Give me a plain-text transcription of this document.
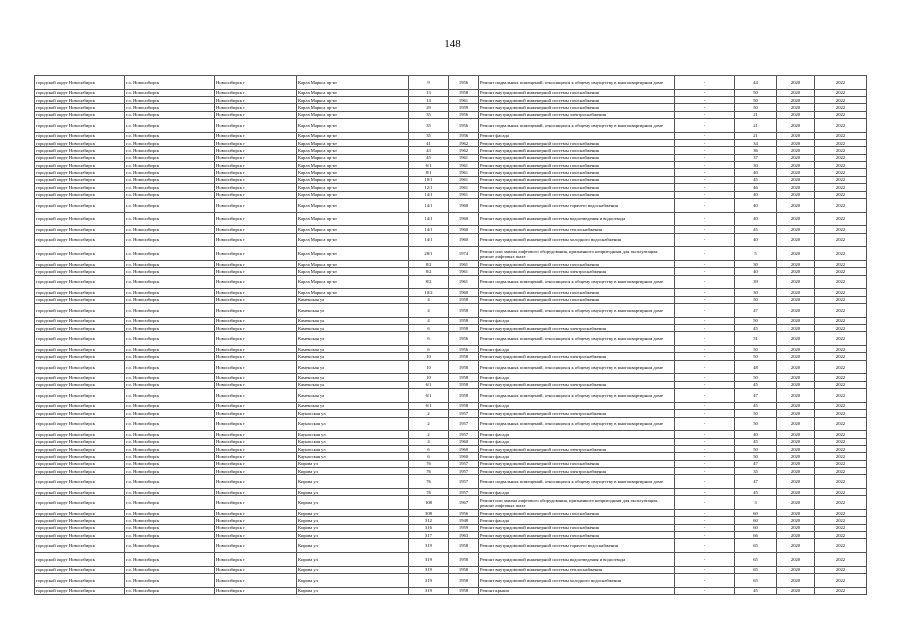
148
городской округ Новосибирск	г.о. Новосибирск	Новосибирск г	Карла Маркса пр-кт	9	1956	Ремонт подвальных помещений, относящихся к общему имуществу в многоквартирном доме	-	44	2020	2022
городской округ Новосибирск	г.о. Новосибирск	Новосибирск г	Карла Маркса пр-кт	13	1958	Ремонт внутридомовой инженерной системы газоснабжения	-	50	2020	2022
городской округ Новосибирск	г.о. Новосибирск	Новосибирск г	Карла Маркса пр-кт	14	1961	Ремонт внутридомовой инженерной системы газоснабжения	-	50	2020	2022
городской округ Новосибирск	г.о. Новосибирск	Новосибирск г	Карла Маркса пр-кт	29	1959	Ремонт внутридомовой инженерной системы газоснабжения	-	50	2020	2022
городской округ Новосибирск	г.о. Новосибирск	Новосибирск г	Карла Маркса пр-кт	35	1956	Ремонт внутридомовой инженерной системы электроснабжения	-	21	2020	2022
городской округ Новосибирск	г.о. Новосибирск	Новосибирск г	Карла Маркса пр-кт	35	1956	Ремонт подвальных помещений, относящихся к общему имуществу в многоквартирном доме	-	21	2020	2022
городской округ Новосибирск	г.о. Новосибирск	Новосибирск г	Карла Маркса пр-кт	35	1956	Ремонт фасада	-	21	2020	2022
городской округ Новосибирск	г.о. Новосибирск	Новосибирск г	Карла Маркса пр-кт	41	1962	Ремонт внутридомовой инженерной системы газоснабжения	-	34	2020	2022
городской округ Новосибирск	г.о. Новосибирск	Новосибирск г	Карла Маркса пр-кт	43	1962	Ремонт внутридомовой инженерной системы газоснабжения	-	36	2020	2022
городской округ Новосибирск	г.о. Новосибирск	Новосибирск г	Карла Маркса пр-кт	45	1961	Ремонт внутридомовой инженерной системы газоснабжения	-	37	2020	2022
городской округ Новосибирск	г.о. Новосибирск	Новосибирск г	Карла Маркса пр-кт	6/1	1961	Ремонт внутридомовой инженерной системы газоснабжения	-	30	2020	2022
городской округ Новосибирск	г.о. Новосибирск	Новосибирск г	Карла Маркса пр-кт	8/1	1961	Ремонт внутридомовой инженерной системы газоснабжения	-	40	2020	2022
городской округ Новосибирск	г.о. Новосибирск	Новосибирск г	Карла Маркса пр-кт	10/1	1961	Ремонт внутридомовой инженерной системы газоснабжения	-	45	2020	2022
городской округ Новосибирск	г.о. Новосибирск	Новосибирск г	Карла Маркса пр-кт	12/1	1961	Ремонт внутридомовой инженерной системы газоснабжения	-	46	2020	2022
городской округ Новосибирск	г.о. Новосибирск	Новосибирск г	Карла Маркса пр-кт	14/1	1961	Ремонт внутридомовой инженерной системы газоснабжения	-	40	2020	2022
городской округ Новосибирск	г.о. Новосибирск	Новосибирск г	Карла Маркса пр-кт	14/1	1960	Ремонт внутридомовой инженерной системы горячего водоснабжения	-	40	2020	2022
городской округ Новосибирск	г.о. Новосибирск	Новосибирск г	Карла Маркса пр-кт	14/1	1960	Ремонт внутридомовой инженерной системы водоотведения и водоотвода	-	40	2020	2022
городской округ Новосибирск	г.о. Новосибирск	Новосибирск г	Карла Маркса пр-кт	14/1	1960	Ремонт внутридомовой инженерной системы теплоснабжения	-	45	2020	2022
городской округ Новосибирск	г.о. Новосибирск	Новосибирск г	Карла Маркса пр-кт	14/1	1960	Ремонт внутридомовой инженерной системы холодного водоснабжения	-	40	2020	2022
городской округ Новосибирск	г.о. Новосибирск	Новосибирск г	Карла Маркса пр-кт	28/1	1974	Ремонт или замена лифтового оборудования, признанного непригодным для эксплуатации, ремонт лифтовых шахт	-	5	2020	2022
городской округ Новосибирск	г.о. Новосибирск	Новосибирск г	Карла Маркса пр-кт	8/2	1961	Ремонт внутридомовой инженерной системы газоснабжения	-	30	2020	2022
городской округ Новосибирск	г.о. Новосибирск	Новосибирск г	Карла Маркса пр-кт	8/2	1961	Ремонт внутридомовой инженерной системы электроснабжения	-	40	2020	2022
городской округ Новосибирск	г.о. Новосибирск	Новосибирск г	Карла Маркса пр-кт	8/2	1961	Ремонт подвальных помещений, относящихся к общему имуществу в многоквартирном доме	-	39	2020	2022
городской округ Новосибирск	г.о. Новосибирск	Новосибирск г	Карла Маркса пр-кт	10/2	1960	Ремонт внутридомовой инженерной системы газоснабжения	-	30	2020	2022
городской округ Новосибирск	г.о. Новосибирск	Новосибирск г	Каменская ул	4	1958	Ремонт внутридомовой инженерной системы газоснабжения	-	50	2020	2022
городской округ Новосибирск	г.о. Новосибирск	Новосибирск г	Каменская ул	4	1958	Ремонт подвальных помещений, относящихся к общему имуществу в многоквартирном доме	-	47	2020	2022
городской округ Новосибирск	г.о. Новосибирск	Новосибирск г	Каменская ул	4	1958	Ремонт фасада	-	50	2020	2022
городской округ Новосибирск	г.о. Новосибирск	Новосибирск г	Каменская ул	6	1958	Ремонт внутридомовой инженерной системы электроснабжения	-	45	2020	2022
городской округ Новосибирск	г.о. Новосибирск	Новосибирск г	Каменская ул	6	1956	Ремонт подвальных помещений, относящихся к общему имуществу в многоквартирном доме	-	51	2020	2022
городской округ Новосибирск	г.о. Новосибирск	Новосибирск г	Каменская ул	6	1956	Ремонт фасада	-	50	2020	2022
городской округ Новосибирск	г.о. Новосибирск	Новосибирск г	Каменская ул	10	1958	Ремонт внутридомовой инженерной системы электроснабжения	-	50	2020	2022
городской округ Новосибирск	г.о. Новосибирск	Новосибирск г	Каменская ул	10	1958	Ремонт подвальных помещений, относящихся к общему имуществу в многоквартирном доме	-	48	2020	2022
городской округ Новосибирск	г.о. Новосибирск	Новосибирск г	Каменская ул	10	1958	Ремонт фасада	-	50	2020	2022
городской округ Новосибирск	г.о. Новосибирск	Новосибирск г	Каменская ул	6/1	1958	Ремонт внутридомовой инженерной системы электроснабжения	-	45	2020	2022
городской округ Новосибирск	г.о. Новосибирск	Новосибирск г	Каменская ул	6/1	1958	Ремонт подвальных помещений, относящихся к общему имуществу в многоквартирном доме	-	47	2020	2022
городской округ Новосибирск	г.о. Новосибирск	Новосибирск г	Каменская ул	6/1	1958	Ремонт фасада	-	45	2020	2022
городской округ Новосибирск	г.о. Новосибирск	Новосибирск г	Каунасская ул	2	1957	Ремонт внутридомовой инженерной системы электроснабжения	-	50	2020	2022
городской округ Новосибирск	г.о. Новосибирск	Новосибирск г	Каунасская ул	2	1957	Ремонт подвальных помещений, относящихся к общему имуществу в многоквартирном доме	-	50	2020	2022
городской округ Новосибирск	г.о. Новосибирск	Новосибирск г	Каунасская ул	2	1957	Ремонт фасада	-	40	2020	2022
городской округ Новосибирск	г.о. Новосибирск	Новосибирск г	Каунасская ул	4	1960	Ремонт фасада	-	45	2020	2022
городской округ Новосибирск	г.о. Новосибирск	Новосибирск г	Каунасская ул	6	1960	Ремонт внутридомовой инженерной системы электроснабжения	-	50	2020	2022
городской округ Новосибирск	г.о. Новосибирск	Новосибирск г	Каунасская ул	6	1960	Ремонт фасада	-	50	2020	2022
городской округ Новосибирск	г.о. Новосибирск	Новосибирск г	Кирова ул	76	1957	Ремонт внутридомовой инженерной системы газоснабжения	-	47	2020	2022
городской округ Новосибирск	г.о. Новосибирск	Новосибирск г	Кирова ул	76	1957	Ремонт внутридомовой инженерной системы электроснабжения	-	35	2020	2022
городской округ Новосибирск	г.о. Новосибирск	Новосибирск г	Кирова ул	76	1957	Ремонт подвальных помещений, относящихся к общему имуществу в многоквартирном доме	-	47	2020	2022
городской округ Новосибирск	г.о. Новосибирск	Новосибирск г	Кирова ул	76	1957	Ремонт фасада	-	45	2020	2022
городской округ Новосибирск	г.о. Новосибирск	Новосибирск г	Кирова ул	108	1967	Ремонт или замена лифтового оборудования, признанного непригодным для эксплуатации, ремонт лифтовых шахт	-	3	2020	2022
городской округ Новосибирск	г.о. Новосибирск	Новосибирск г	Кирова ул	308	1956	Ремонт внутридомовой инженерной системы газоснабжения	-	60	2020	2022
городской округ Новосибирск	г.о. Новосибирск	Новосибирск г	Кирова ул	312	1948	Ремонт фасада	-	60	2020	2022
городской округ Новосибирск	г.о. Новосибирск	Новосибирск г	Кирова ул	316	1959	Ремонт внутридомовой инженерной системы газоснабжения	-	60	2020	2022
городской округ Новосибирск	г.о. Новосибирск	Новосибирск г	Кирова ул	317	1963	Ремонт внутридомовой инженерной системы газоснабжения	-	66	2020	2022
городской округ Новосибирск	г.о. Новосибирск	Новосибирск г	Кирова ул	319	1958	Ремонт внутридомовой инженерной системы горячего водоснабжения	-	65	2020	2022
городской округ Новосибирск	г.о. Новосибирск	Новосибирск г	Кирова ул	319	1958	Ремонт внутридомовой инженерной системы водоотведения и водоотвода	-	65	2020	2022
городской округ Новосибирск	г.о. Новосибирск	Новосибирск г	Кирова ул	319	1958	Ремонт внутридомовой инженерной системы теплоснабжения	-	65	2020	2022
городской округ Новосибирск	г.о. Новосибирск	Новосибирск г	Кирова ул	319	1958	Ремонт внутридомовой инженерной системы холодного водоснабжения	-	65	2020	2022
городской округ Новосибирск	г.о. Новосибирск	Новосибирск г	Кирова ул	319	1958	Ремонт крыши	-	45	2020	2022
